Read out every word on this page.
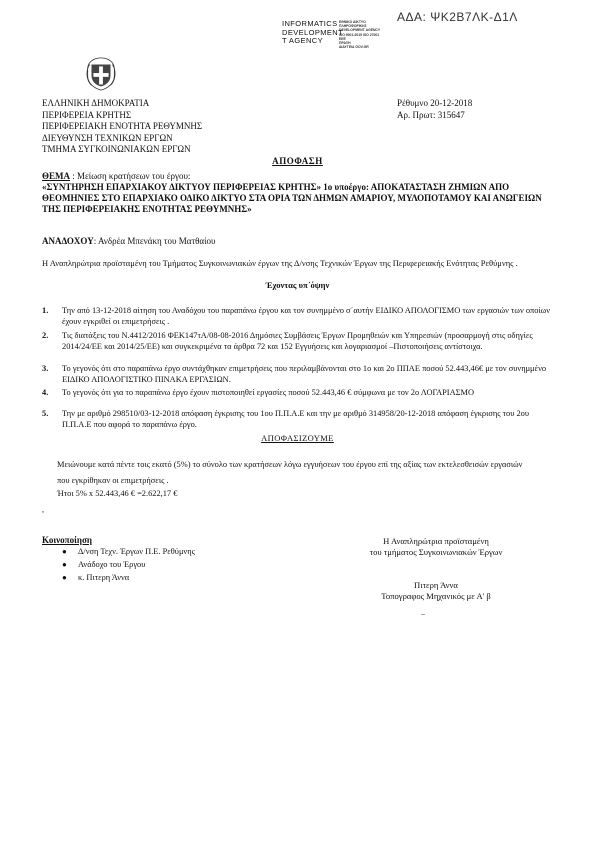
ΑΔΑ: ΨΚ2Β7ΛΚ-Δ1Λ
INFORMATICS
DEVELOPMENT
T AGENCY
ΕΘΝΙΚΟ ΔΙΚΤΥΟ
ΠΛΗΡΟΦΟΡΙΚΗΣ
DEVELOPMENT AGENCY
ISO 9001:2015 ISO 27001
ΕΕΕ
ΠΡΑΞΗ
ΔΙΑΥΓΕΙΑ GOV.GR
ΕΛΛΗΝΙΚΗ ΔΗΜΟΚΡΑΤΙΑ
ΠΕΡΙΦΕΡΕΙΑ ΚΡΗΤΗΣ
ΠΕΡΙΦΕΡΕΙΑΚΗ ΕΝΟΤΗΤΑ ΡΕΘΥΜΝΗΣ
ΔΙΕΥΘΥΝΣΗ ΤΕΧΝΙΚΩΝ ΕΡΓΩΝ
ΤΜΗΜΑ ΣΥΓΚΟΙΝΩΝΙΑΚΩΝ ΕΡΓΩΝ
Ρέθυμνο 20-12-2018
Αρ. Πρωτ: 315647
ΑΠΟΦΑΣΗ
ΘΕΜΑ : Μείωση κρατήσεων του έργου:
«ΣΥΝΤΗΡΗΣΗ ΕΠΑΡΧΙΑΚΟΥ ΔΙΚΤΥΟΥ ΠΕΡΙΦΕΡΕΙΑΣ ΚΡΗΤΗΣ» 1ο υποέργο: ΑΠΟΚΑΤΑΣΤΑΣΗ ΖΗΜΙΩΝ ΑΠΟ ΘΕΟΜΗΝΙΕΣ ΣΤΟ ΕΠΑΡΧΙΑΚΟ ΟΔΙΚΟ ΔΙΚΤΥΟ ΣΤΑ ΟΡΙΑ ΤΩΝ ΔΗΜΩΝ ΑΜΑΡΙΟΥ, ΜΥΛΟΠΟΤΑΜΟΥ ΚΑΙ ΑΝΩΓΕΙΩΝ ΤΗΣ ΠΕΡΙΦΕΡΕΙΑΚΗΣ ΕΝΟΤΗΤΑΣ ΡΕΘΥΜΝΗΣ»
ΑΝΑΔΟΧΟΥ: Ανδρέα Μπενάκη του Ματθαίου
Η Αναπληρώτρια προϊσταμένη του Τμήματος Συγκοινωνιακών έργων της Δ/νσης Τεχνικών Έργων της Περιφερειακής Ενότητας Ρεθύμνης .
Έχοντας υπ΄όψην
1. Την από 13-12-2018 αίτηση του Αναδόχου του παραπάνω έργου και τον συνημμένο σ΄αυτήν ΕΙΔΙΚΟ ΑΠΟΛΟΓΙΣΜΟ των εργασιών των οποίων έχουν εγκριθεί οι επιμετρήσεις .
2. Τις διατάξεις του Ν.4412/2016 ΦΕΚ147τΑ/08-08-2016 Δημόσιες Συμβάσεις Έργων Προμηθειών και Υπηρεσιών (προσαρμογή στις οδηγίες 2014/24/ΕΕ και 2014/25/ΕΕ) και συγκεκριμένα τα άρθρα 72 και 152 Εγγυήσεις και λογαριασμοί –Πιστοποιήσεις αντίστοιχα.
3. Το γεγονός ότι στο παραπάνω έργο συντάχθηκαν επιμετρήσεις που περιλαμβάνονται στο 1ο και 2ο ΠΠΑΕ ποσού 52.443,46€ με τον συνημμένο ΕΙΔΙΚΟ ΑΠΟΛΟΓΙΣΤΙΚΟ ΠΙΝΑΚΑ ΕΡΓΑΣΙΩΝ.
4. Το γεγονός ότι για το παραπάνω έργο έχουν πιστοποιηθεί εργασίες ποσού 52.443,46 € σύμφωνα με τον 2ο ΛΟΓΑΡΙΑΣΜΟ
5. Την με αριθμό 298510/03-12-2018 απόφαση έγκρισης του 1ου Π.Π.Α.Ε και την με αριθμό 314958/20-12-2018 απόφαση έγκρισης του 2ου Π.Π.Α.Ε που αφορά το παραπάνω έργο.
ΑΠΟΦΑΣΙΖΟΥΜΕ
Μειώνουμε κατά πέντε τοις εκατό (5%) το σύνολο των κρατήσεων λόγω εγγυήσεων του έργου επί της αξίας των εκτελεσθεισών εργασιών που εγκρίθηκαν οι επιμετρήσεις .
Ήτοι 5% x 52.443,46 € =2.622,17 €
,
Κοινοποίηση
● Δ/νση Τεχν. Έργων Π.Ε. Ρεθύμνης
● Ανάδοχο του Έργου
● κ. Πιτερη Άννα
Η Αναπληρώτρια προϊσταμένη
του τμήματος Συγκοινωνιακών Έργων
Πιτερη Άννα
Τοπογραφος Μηχανικός με Α' β
..
